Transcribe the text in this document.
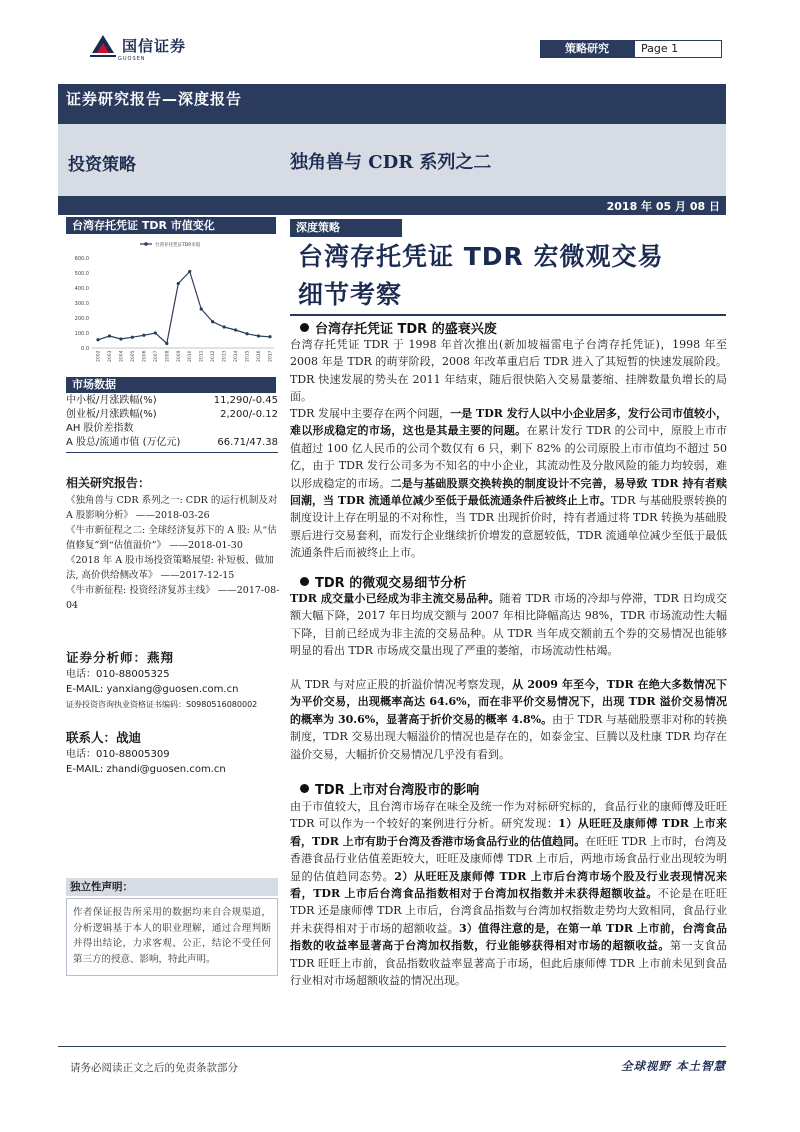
国信证券
GUOSEN
策略研究	Page 1
证券研究报告—深度报告
投资策略	独角兽与 CDR 系列之二
2018 年 05 月 08 日
台湾存托凭证 TDR 市值变化
台湾存托凭证TDR市值
600.0
500.0
400.0
300.0
200.0
100.0
0.0
2002 2003 2004 2005 2006 2007 2008 2009 2010 2011 2012 2013 2014 2015 2016 2017
市场数据
中小板/月涨跌幅(%)	11,290/-0.45
创业板/月涨跌幅(%)	2,200/-0.12
AH 股价差指数
A 股总/流通市值 (万亿元)	66.71/47.38
相关研究报告：
《独角兽与 CDR 系列之一: CDR 的运行机制及对 A 股影响分析》 ——2018-03-26
《牛市新征程之二: 全球经济复苏下的 A 股: 从“估值修复”到“估值溢价”》 ——2018-01-30
《2018 年 A 股市场投资策略展望: 补短板、做加法, 高价供给侧改革》 ——2017-12-15
《牛市新征程: 投资经济复苏主线》 ——2017-08-04
证券分析师：燕翔
电话：010-88005325
E-MAIL: yanxiang@guosen.com.cn
证券投资咨询执业资格证书编码：S0980516080002
联系人：战迪
电话：010-88005309
E-MAIL: zhandi@guosen.com.cn
独立性声明：
作者保证报告所采用的数据均来自合规渠道，分析逻辑基于本人的职业理解，通过合理判断并得出结论，力求客观、公正，结论不受任何第三方的授意、影响，特此声明。
深度策略
台湾存托凭证 TDR 宏微观交易
细节考察
台湾存托凭证 TDR 的盛衰兴废
台湾存托凭证 TDR 于 1998 年首次推出(新加坡福雷电子台湾存托凭证)，1998 年至 2008 年是 TDR 的萌芽阶段，2008 年改革重启后 TDR 进入了其短暂的快速发展阶段。TDR 快速发展的势头在 2011 年结束，随后很快陷入交易量萎缩、挂牌数量负增长的局面。
TDR 发展中主要存在两个问题，一是 TDR 发行人以中小企业居多，发行公司市值较小，难以形成稳定的市场，这也是其最主要的问题。在累计发行 TDR 的公司中，原股上市市值超过 100 亿人民币的公司个数仅有 6 只，剩下 82% 的公司原股上市市值均不超过 50 亿，由于 TDR 发行公司多为不知名的中小企业，其流动性及分散风险的能力均较弱，难以形成稳定的市场。二是与基础股票交换转换的制度设计不完善，易导致 TDR 持有者赎回潮，当 TDR 流通单位减少至低于最低流通条件后被终止上市。TDR 与基础股票转换的制度设计上存在明显的不对称性，当 TDR 出现折价时，持有者通过将 TDR 转换为基础股票后进行交易套利，而发行企业继续折价增发的意愿较低，TDR 流通单位减少至低于最低流通条件后而被终止上市。
TDR 的微观交易细节分析
TDR 成交量小已经成为非主流交易品种。随着 TDR 市场的冷却与停滞，TDR 日均成交额大幅下降，2017 年日均成交额与 2007 年相比降幅高达 98%，TDR 市场流动性大幅下降，目前已经成为非主流的交易品种。从 TDR 当年成交额前五个券的交易情况也能够明显的看出 TDR 市场成交量出现了严重的萎缩，市场流动性枯竭。
从 TDR 与对应正股的折溢价情况考察发现，从 2009 年至今，TDR 在绝大多数情况下为平价交易，出现概率高达 64.6%，而在非平价交易情况下，出现 TDR 溢价交易情况的概率为 30.6%，显著高于折价交易的概率 4.8%。由于 TDR 与基础股票非对称的转换制度，TDR 交易出现大幅溢价的情况也是存在的，如泰金宝、巨腾以及杜康 TDR 均存在溢价交易，大幅折价交易情况几乎没有看到。
TDR 上市对台湾股市的影响
由于市值较大，且台湾市场存在味全及统一作为对标研究标的，食品行业的康师傅及旺旺 TDR 可以作为一个较好的案例进行分析。研究发现：1）从旺旺及康师傅 TDR 上市来看，TDR 上市有助于台湾及香港市场食品行业的估值趋同。在旺旺 TDR 上市时，台湾及香港食品行业估值差距较大，旺旺及康师傅 TDR 上市后，两地市场食品行业出现较为明显的估值趋同态势。2）从旺旺及康师傅 TDR 上市后台湾市场个股及行业表现情况来看，TDR 上市后台湾食品指数相对于台湾加权指数并未获得超额收益。不论是在旺旺 TDR 还是康师傅 TDR 上市后，台湾食品指数与台湾加权指数走势均大致相同，食品行业并未获得相对于市场的超额收益。3）值得注意的是，在第一单 TDR 上市前，台湾食品指数的收益率显著高于台湾加权指数，行业能够获得相对市场的超额收益。第一支食品 TDR 旺旺上市前，食品指数收益率显著高于市场，但此后康师傅 TDR 上市前未见到食品行业相对市场超额收益的情况出现。
请务必阅读正文之后的免责条款部分	全球视野 本土智慧
